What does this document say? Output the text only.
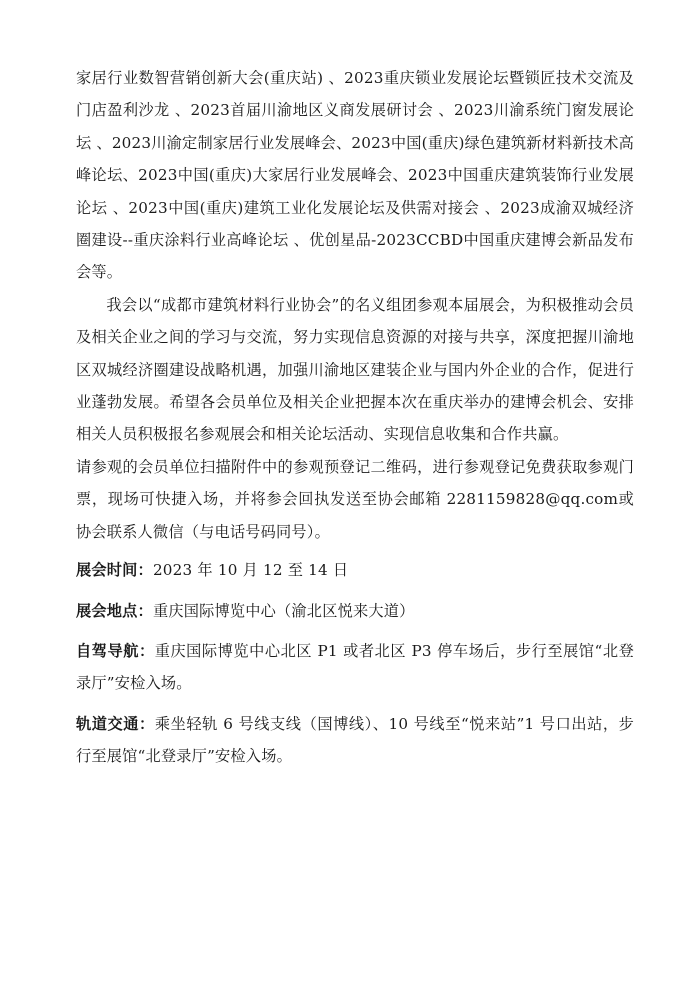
家居行业数智营销创新大会(重庆站) 、2023重庆锁业发展论坛暨锁匠技术交流及门店盈利沙龙 、2023首届川渝地区义商发展研讨会 、2023川渝系统门窗发展论坛 、2023川渝定制家居行业发展峰会、2023中国(重庆)绿色建筑新材料新技术高峰论坛、2023中国(重庆)大家居行业发展峰会、2023中国重庆建筑装饰行业发展论坛 、2023中国(重庆)建筑工业化发展论坛及供需对接会 、2023成渝双城经济圈建设--重庆涂料行业高峰论坛 、优创星品-2023CCBD中国重庆建博会新品发布会等。

我会以“成都市建筑材料行业协会”的名义组团参观本届展会，为积极推动会员及相关企业之间的学习与交流，努力实现信息资源的对接与共享，深度把握川渝地区双城经济圈建设战略机遇，加强川渝地区建装企业与国内外企业的合作，促进行业蓬勃发展。希望各会员单位及相关企业把握本次在重庆举办的建博会机会、安排相关人员积极报名参观展会和相关论坛活动、实现信息收集和合作共赢。

请参观的会员单位扫描附件中的参观预登记二维码，进行参观登记免费获取参观门票，现场可快捷入场，并将参会回执发送至协会邮箱 2281159828@qq.com或协会联系人微信（与电话号码同号）。

展会时间：2023 年 10 月 12 至 14 日

展会地点：重庆国际博览中心（渝北区悦来大道）

自驾导航：重庆国际博览中心北区 P1 或者北区 P3 停车场后，步行至展馆“北登录厅”安检入场。

轨道交通：乘坐轻轨 6 号线支线（国博线）、10 号线至“悦来站”1 号口出站，步行至展馆“北登录厅”安检入场。
